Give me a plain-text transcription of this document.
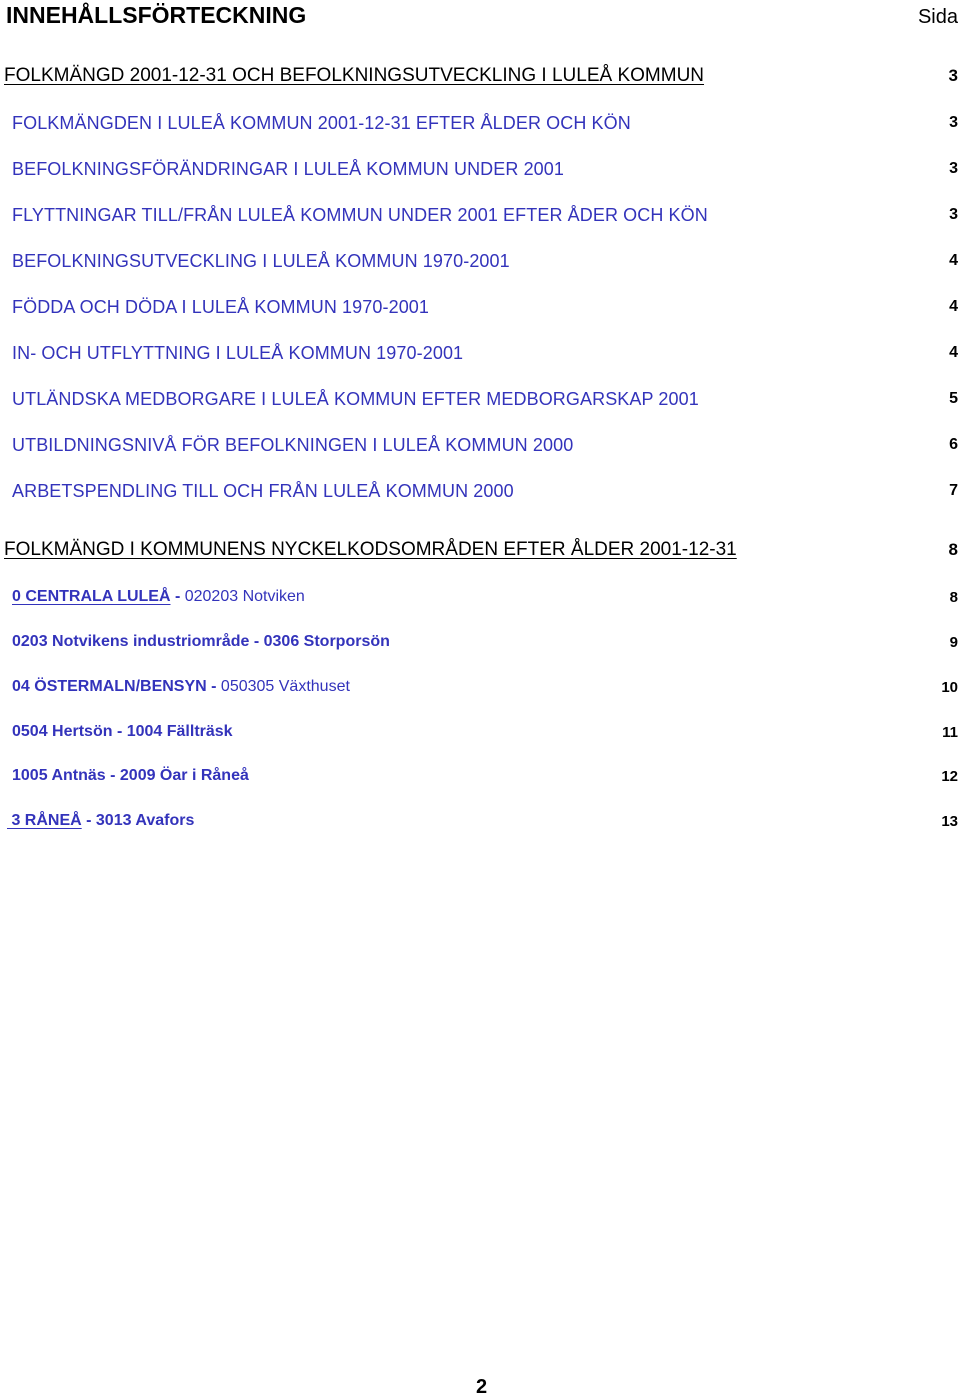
INNEHÅLLSFÖRTECKNING	Sida
FOLKMÄNGD 2001-12-31 OCH BEFOLKNINGSUTVECKLING I LULEÅ KOMMUN	3
FOLKMÄNGDEN I LULEÅ KOMMUN 2001-12-31 EFTER ÅLDER OCH KÖN	3
BEFOLKNINGSFÖRÄNDRINGAR I LULEÅ KOMMUN UNDER 2001	3
FLYTTNINGAR TILL/FRÅN LULEÅ KOMMUN UNDER 2001 EFTER ÅDER OCH KÖN	3
BEFOLKNINGSUTVECKLING I LULEÅ KOMMUN 1970-2001	4
FÖDDA OCH DÖDA I LULEÅ KOMMUN 1970-2001	4
IN- OCH UTFLYTTNING I LULEÅ KOMMUN 1970-2001	4
UTLÄNDSKA MEDBORGARE I LULEÅ KOMMUN EFTER MEDBORGARSKAP 2001	5
UTBILDNINGSNIVÅ FÖR BEFOLKNINGEN I LULEÅ KOMMUN 2000	6
ARBETSPENDLING TILL OCH FRÅN LULEÅ KOMMUN 2000	7
FOLKMÄNGD I KOMMUNENS NYCKELKODSOMRÅDEN EFTER ÅLDER 2001-12-31	8
0 CENTRALA LULEÅ - 020203 Notviken	8
0203 Notvikens industriområde - 0306 Storporsön	9
04 ÖSTERMALN/BENSYN - 050305 Växthuset	10
0504 Hertsön - 1004 Fällträsk	11
1005 Antnäs - 2009 Öar i Råneå	12
3 RÅNEÅ - 3013 Avafors	13
2
